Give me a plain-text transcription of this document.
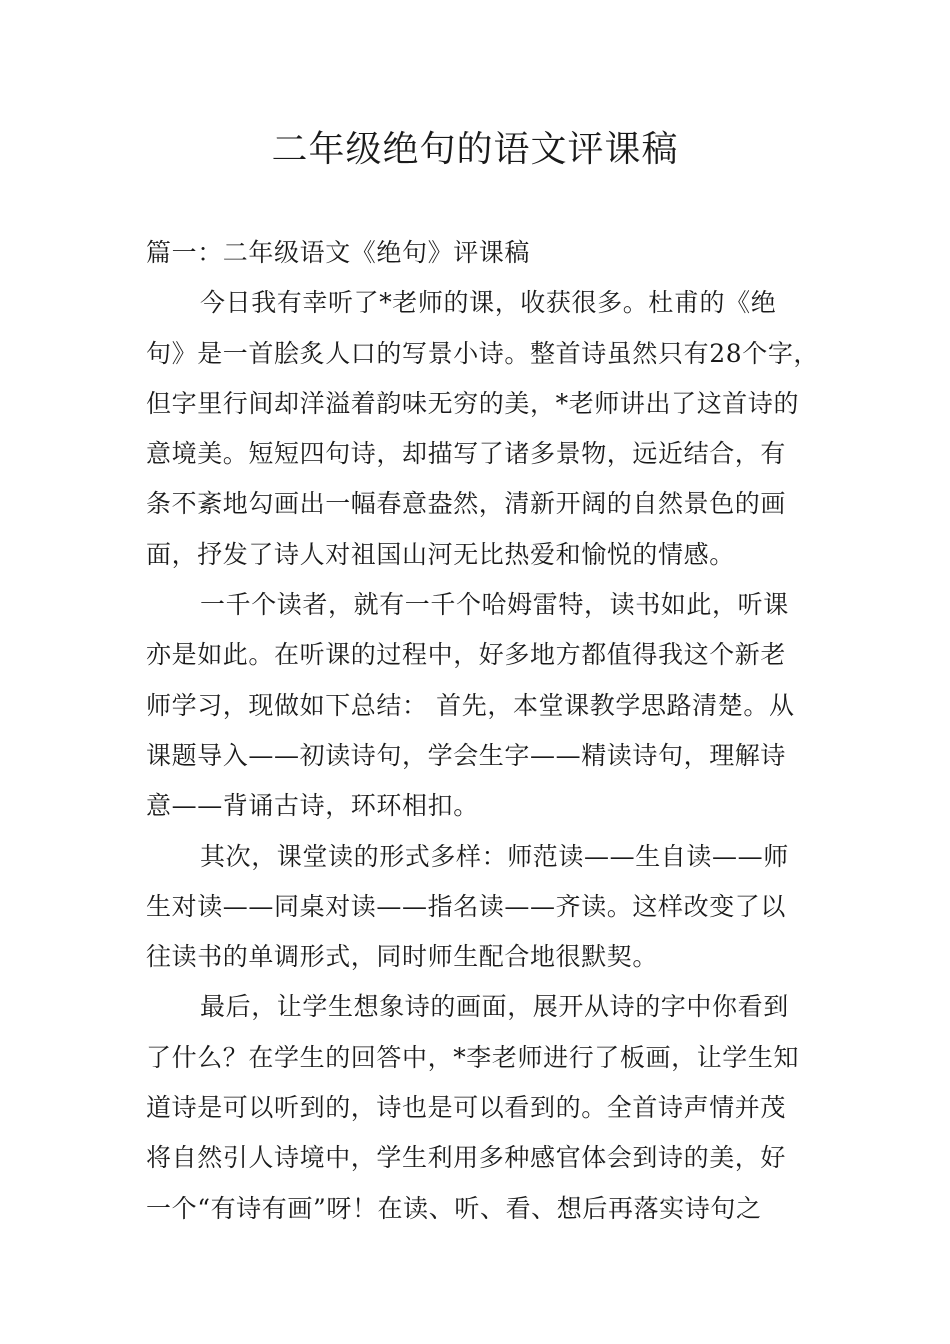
二年级绝句的语文评课稿
篇一：二年级语文《绝句》评课稿
今日我有幸听了*老师的课，收获很多。杜甫的《绝
句》是一首脍炙人口的写景小诗。整首诗虽然只有28个字，
但字里行间却洋溢着韵味无穷的美，*老师讲出了这首诗的
意境美。短短四句诗，却描写了诸多景物，远近结合，有
条不紊地勾画出一幅春意盎然，清新开阔的自然景色的画
面，抒发了诗人对祖国山河无比热爱和愉悦的情感。
一千个读者，就有一千个哈姆雷特，读书如此，听课
亦是如此。在听课的过程中，好多地方都值得我这个新老
师学习，现做如下总结： 首先，本堂课教学思路清楚。从
课题导入——初读诗句，学会生字——精读诗句，理解诗
意——背诵古诗，环环相扣。
其次，课堂读的形式多样：师范读——生自读——师
生对读——同桌对读——指名读——齐读。这样改变了以
往读书的单调形式，同时师生配合地很默契。
最后，让学生想象诗的画面，展开从诗的字中你看到
了什么？在学生的回答中，*李老师进行了板画，让学生知
道诗是可以听到的，诗也是可以看到的。全首诗声情并茂
将自然引人诗境中，学生利用多种感官体会到诗的美，好
一个“有诗有画”呀！在读、听、看、想后再落实诗句之
